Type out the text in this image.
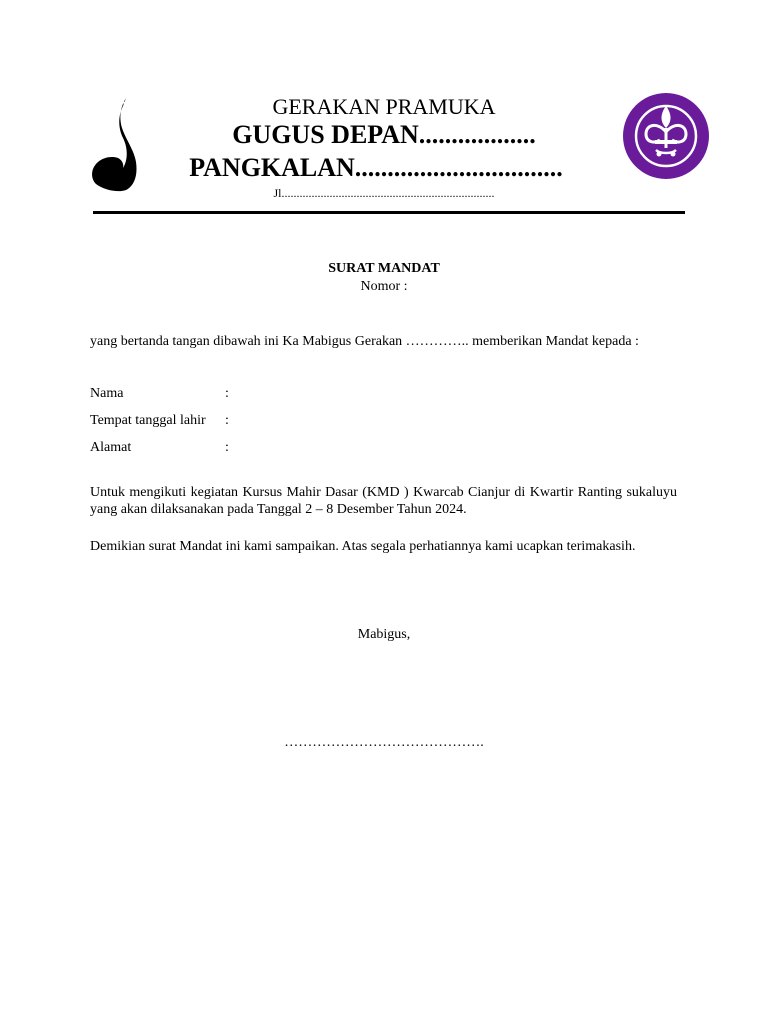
GERAKAN PRAMUKA
GUGUS DEPAN..................
PANGKALAN................................
Jl.......................................................................
SURAT MANDAT
Nomor :
yang bertanda tangan dibawah ini Ka Mabigus Gerakan ………….. memberikan Mandat kepada :
Nama	:
Tempat tanggal lahir :
Alamat	:
Untuk mengikuti kegiatan Kursus Mahir Dasar (KMD ) Kwarcab Cianjur di Kwartir Ranting sukaluyu yang akan dilaksanakan pada Tanggal 2 – 8 Desember Tahun 2024.
Demikian surat Mandat ini kami sampaikan. Atas segala perhatiannya kami ucapkan terimakasih.
Mabigus,
…………………………………….
